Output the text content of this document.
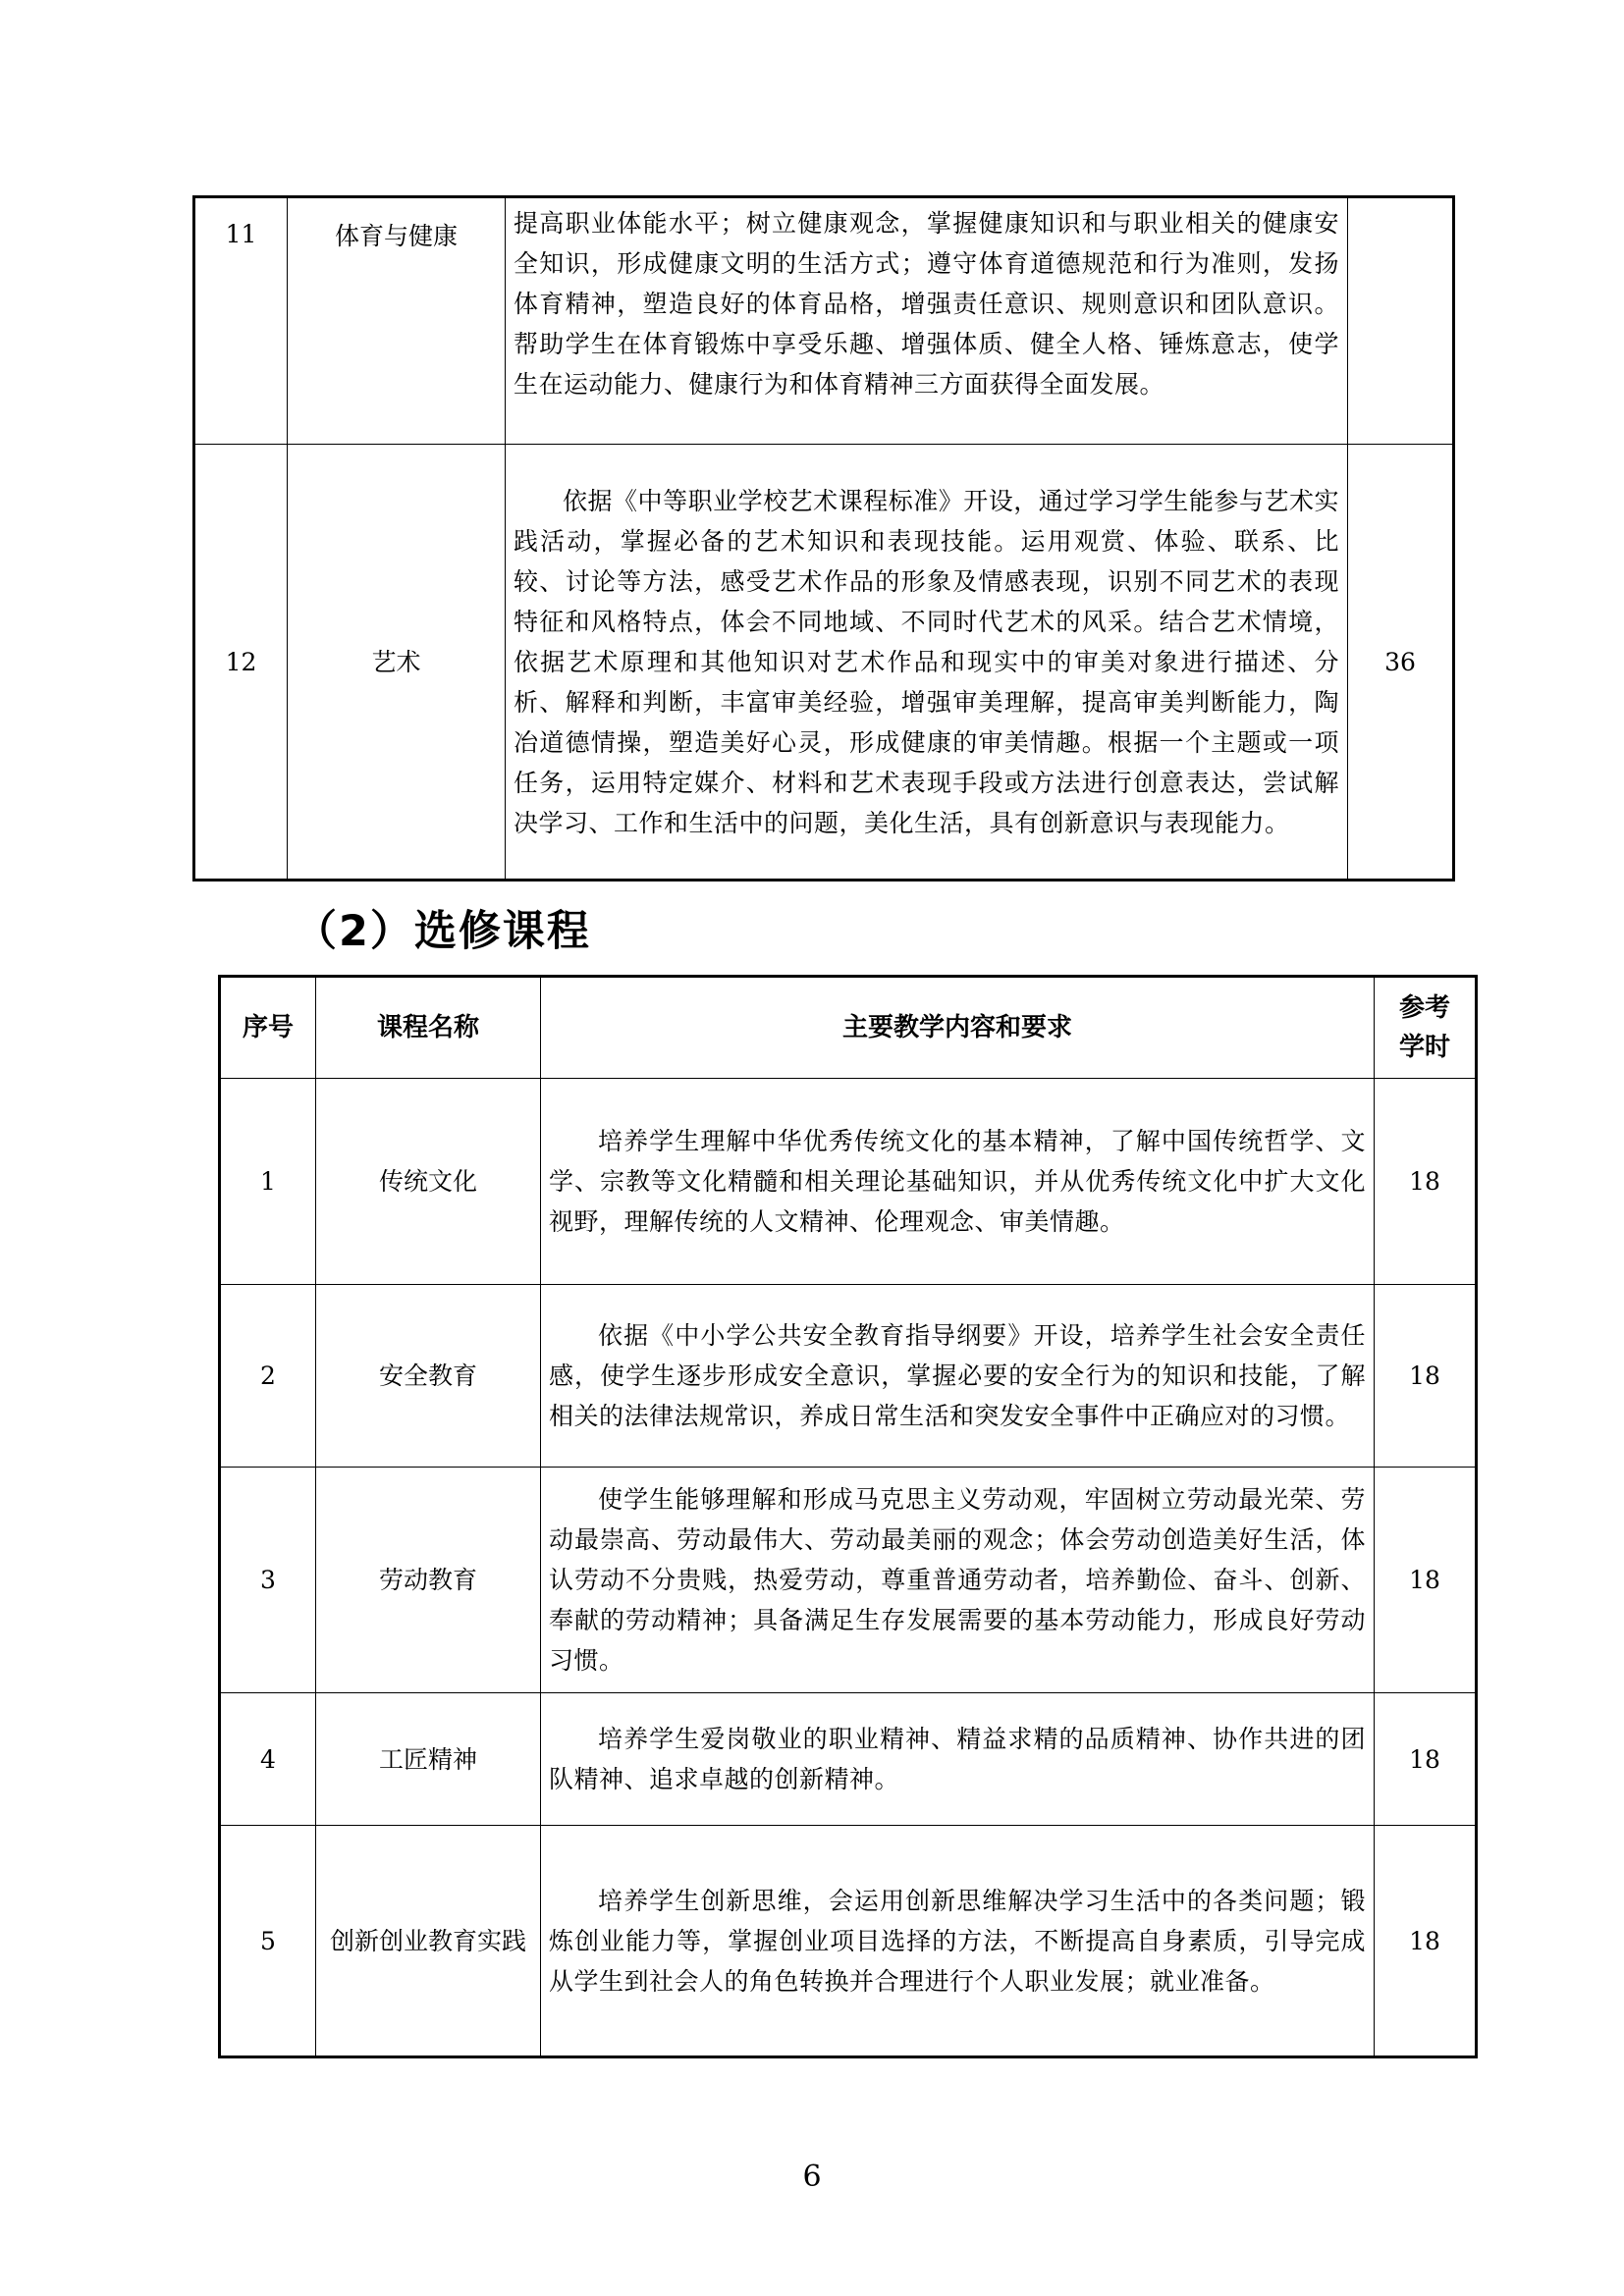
11	体育与健康	提高职业体能水平；树立健康观念，掌握健康知识和与职业相关的健康安全知识，形成健康文明的生活方式；遵守体育道德规范和行为准则，发扬体育精神，塑造良好的体育品格，增强责任意识、规则意识和团队意识。帮助学生在体育锻炼中享受乐趣、增强体质、健全人格、锤炼意志，使学生在运动能力、健康行为和体育精神三方面获得全面发展。	
12	艺术	依据《中等职业学校艺术课程标准》开设，通过学习学生能参与艺术实践活动，掌握必备的艺术知识和表现技能。运用观赏、体验、联系、比较、讨论等方法，感受艺术作品的形象及情感表现，识别不同艺术的表现特征和风格特点，体会不同地域、不同时代艺术的风采。结合艺术情境，依据艺术原理和其他知识对艺术作品和现实中的审美对象进行描述、分析、解释和判断，丰富审美经验，增强审美理解，提高审美判断能力，陶冶道德情操，塑造美好心灵，形成健康的审美情趣。根据一个主题或一项任务，运用特定媒介、材料和艺术表现手段或方法进行创意表达，尝试解决学习、工作和生活中的问题，美化生活，具有创新意识与表现能力。	36
（2）选修课程
序号	课程名称	主要教学内容和要求	参考
学时

1	传统文化	培养学生理解中华优秀传统文化的基本精神，了解中国传统哲学、文学、宗教等文化精髓和相关理论基础知识，并从优秀传统文化中扩大文化视野，理解传统的人文精神、伦理观念、审美情趣。	18
2	安全教育	依据《中小学公共安全教育指导纲要》开设，培养学生社会安全责任感，使学生逐步形成安全意识，掌握必要的安全行为的知识和技能，了解相关的法律法规常识，养成日常生活和突发安全事件中正确应对的习惯。	18
3	劳动教育	使学生能够理解和形成马克思主义劳动观，牢固树立劳动最光荣、劳动最崇高、劳动最伟大、劳动最美丽的观念；体会劳动创造美好生活，体认劳动不分贵贱，热爱劳动，尊重普通劳动者，培养勤俭、奋斗、创新、奉献的劳动精神；具备满足生存发展需要的基本劳动能力，形成良好劳动习惯。	18
4	工匠精神	培养学生爱岗敬业的职业精神、精益求精的品质精神、协作共进的团队精神、追求卓越的创新精神。	18
5	创新创业教育实践	培养学生创新思维，会运用创新思维解决学习生活中的各类问题；锻炼创业能力等，掌握创业项目选择的方法，不断提高自身素质，引导完成从学生到社会人的角色转换并合理进行个人职业发展；就业准备。	18
6
